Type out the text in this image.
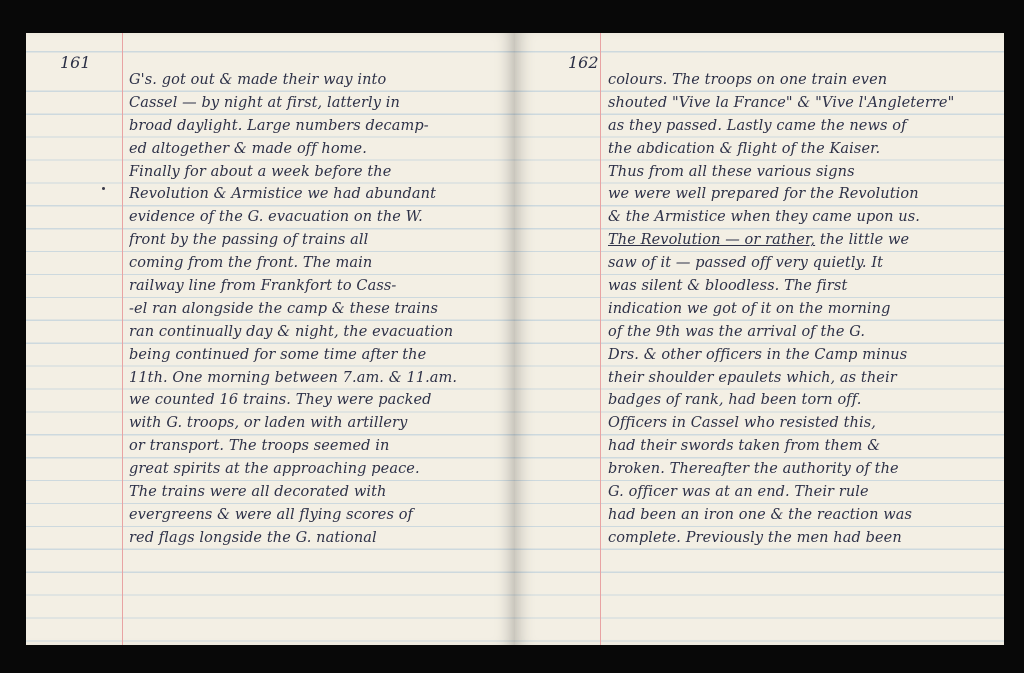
161
G's. got out & made their way into
Cassel — by night at first, latterly in
broad daylight. Large numbers decamp-
ed altogether & made off home.
Finally for about a week before the
Revolution & Armistice we had abundant
evidence of the G. evacuation on the W.
front by the passing of trains all
coming from the front. The main
railway line from Frankfort to Cass-
-el ran alongside the camp & these trains
ran continually day & night, the evacuation
being continued for some time after the
11th. One morning between 7.am. & 11.am.
we counted 16 trains. They were packed
with G. troops, or laden with artillery
or transport. The troops seemed in
great spirits at the approaching peace.
The trains were all decorated with
evergreens & were all flying scores of
red flags longside the G. national
162
colours. The troops on one train even
shouted "Vive la France" & "Vive l'Angleterre"
as they passed. Lastly came the news of
the abdication & flight of the Kaiser.
Thus from all these various signs
we were well prepared for the Revolution
& the Armistice when they came upon us.
The Revolution — or rather, the little we
saw of it — passed off very quietly. It
was silent & bloodless. The first
indication we got of it on the morning
of the 9th was the arrival of the G.
Drs. & other officers in the Camp minus
their shoulder epaulets which, as their
badges of rank, had been torn off.
Officers in Cassel who resisted this,
had their swords taken from them &
broken. Thereafter the authority of the
G. officer was at an end. Their rule
had been an iron one & the reaction was
complete. Previously the men had been
